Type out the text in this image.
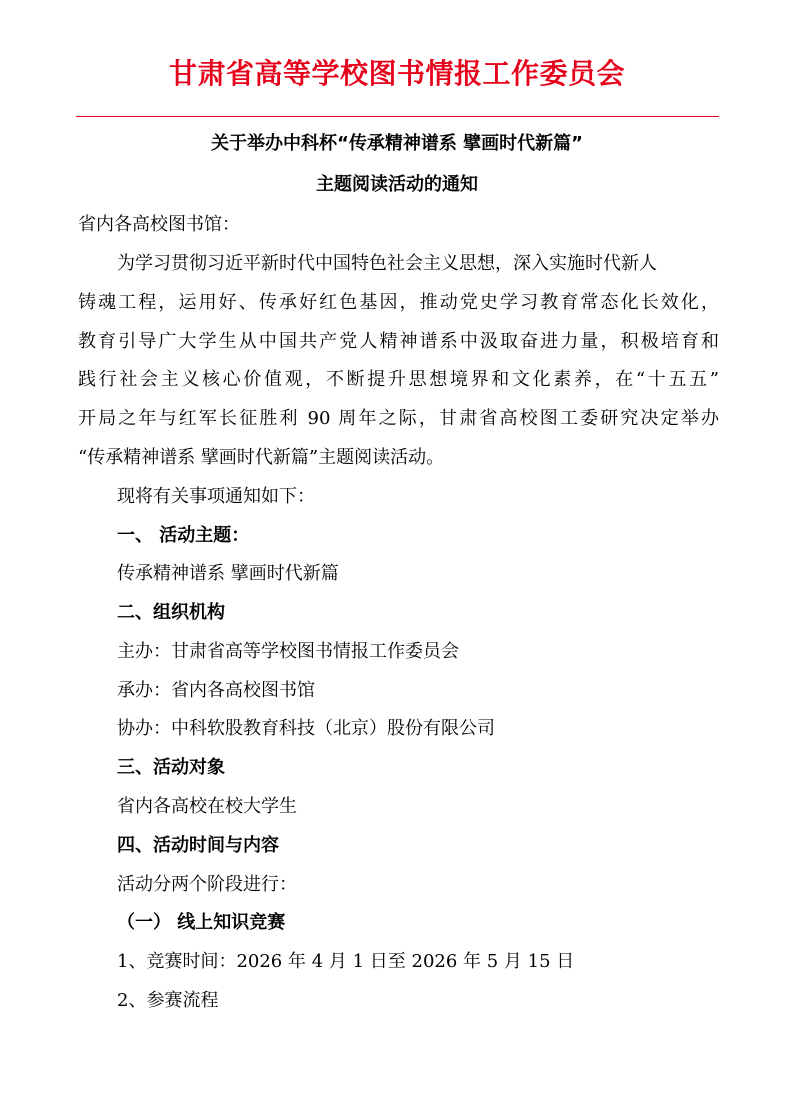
甘肃省高等学校图书情报工作委员会
关于举办中科杯“传承精神谱系 擘画时代新篇”
主题阅读活动的通知
省内各高校图书馆：
为学习贯彻习近平新时代中国特色社会主义思想，深入实施时代新人
铸魂工程，运用好、传承好红色基因，推动党史学习教育常态化长效化，
教育引导广大学生从中国共产党人精神谱系中汲取奋进力量，积极培育和
践行社会主义核心价值观，不断提升思想境界和文化素养，在“十五五”
开局之年与红军长征胜利 90 周年之际，甘肃省高校图工委研究决定举办
“传承精神谱系 擘画时代新篇”主题阅读活动。
现将有关事项通知如下：
一、 活动主题：
传承精神谱系 擘画时代新篇
二、组织机构
主办：甘肃省高等学校图书情报工作委员会
承办：省内各高校图书馆
协办：中科软股教育科技（北京）股份有限公司
三、活动对象
省内各高校在校大学生
四、活动时间与内容
活动分两个阶段进行：
（一） 线上知识竞赛
1、竞赛时间：2026 年 4 月 1 日至 2026 年 5 月 15 日
2、参赛流程
